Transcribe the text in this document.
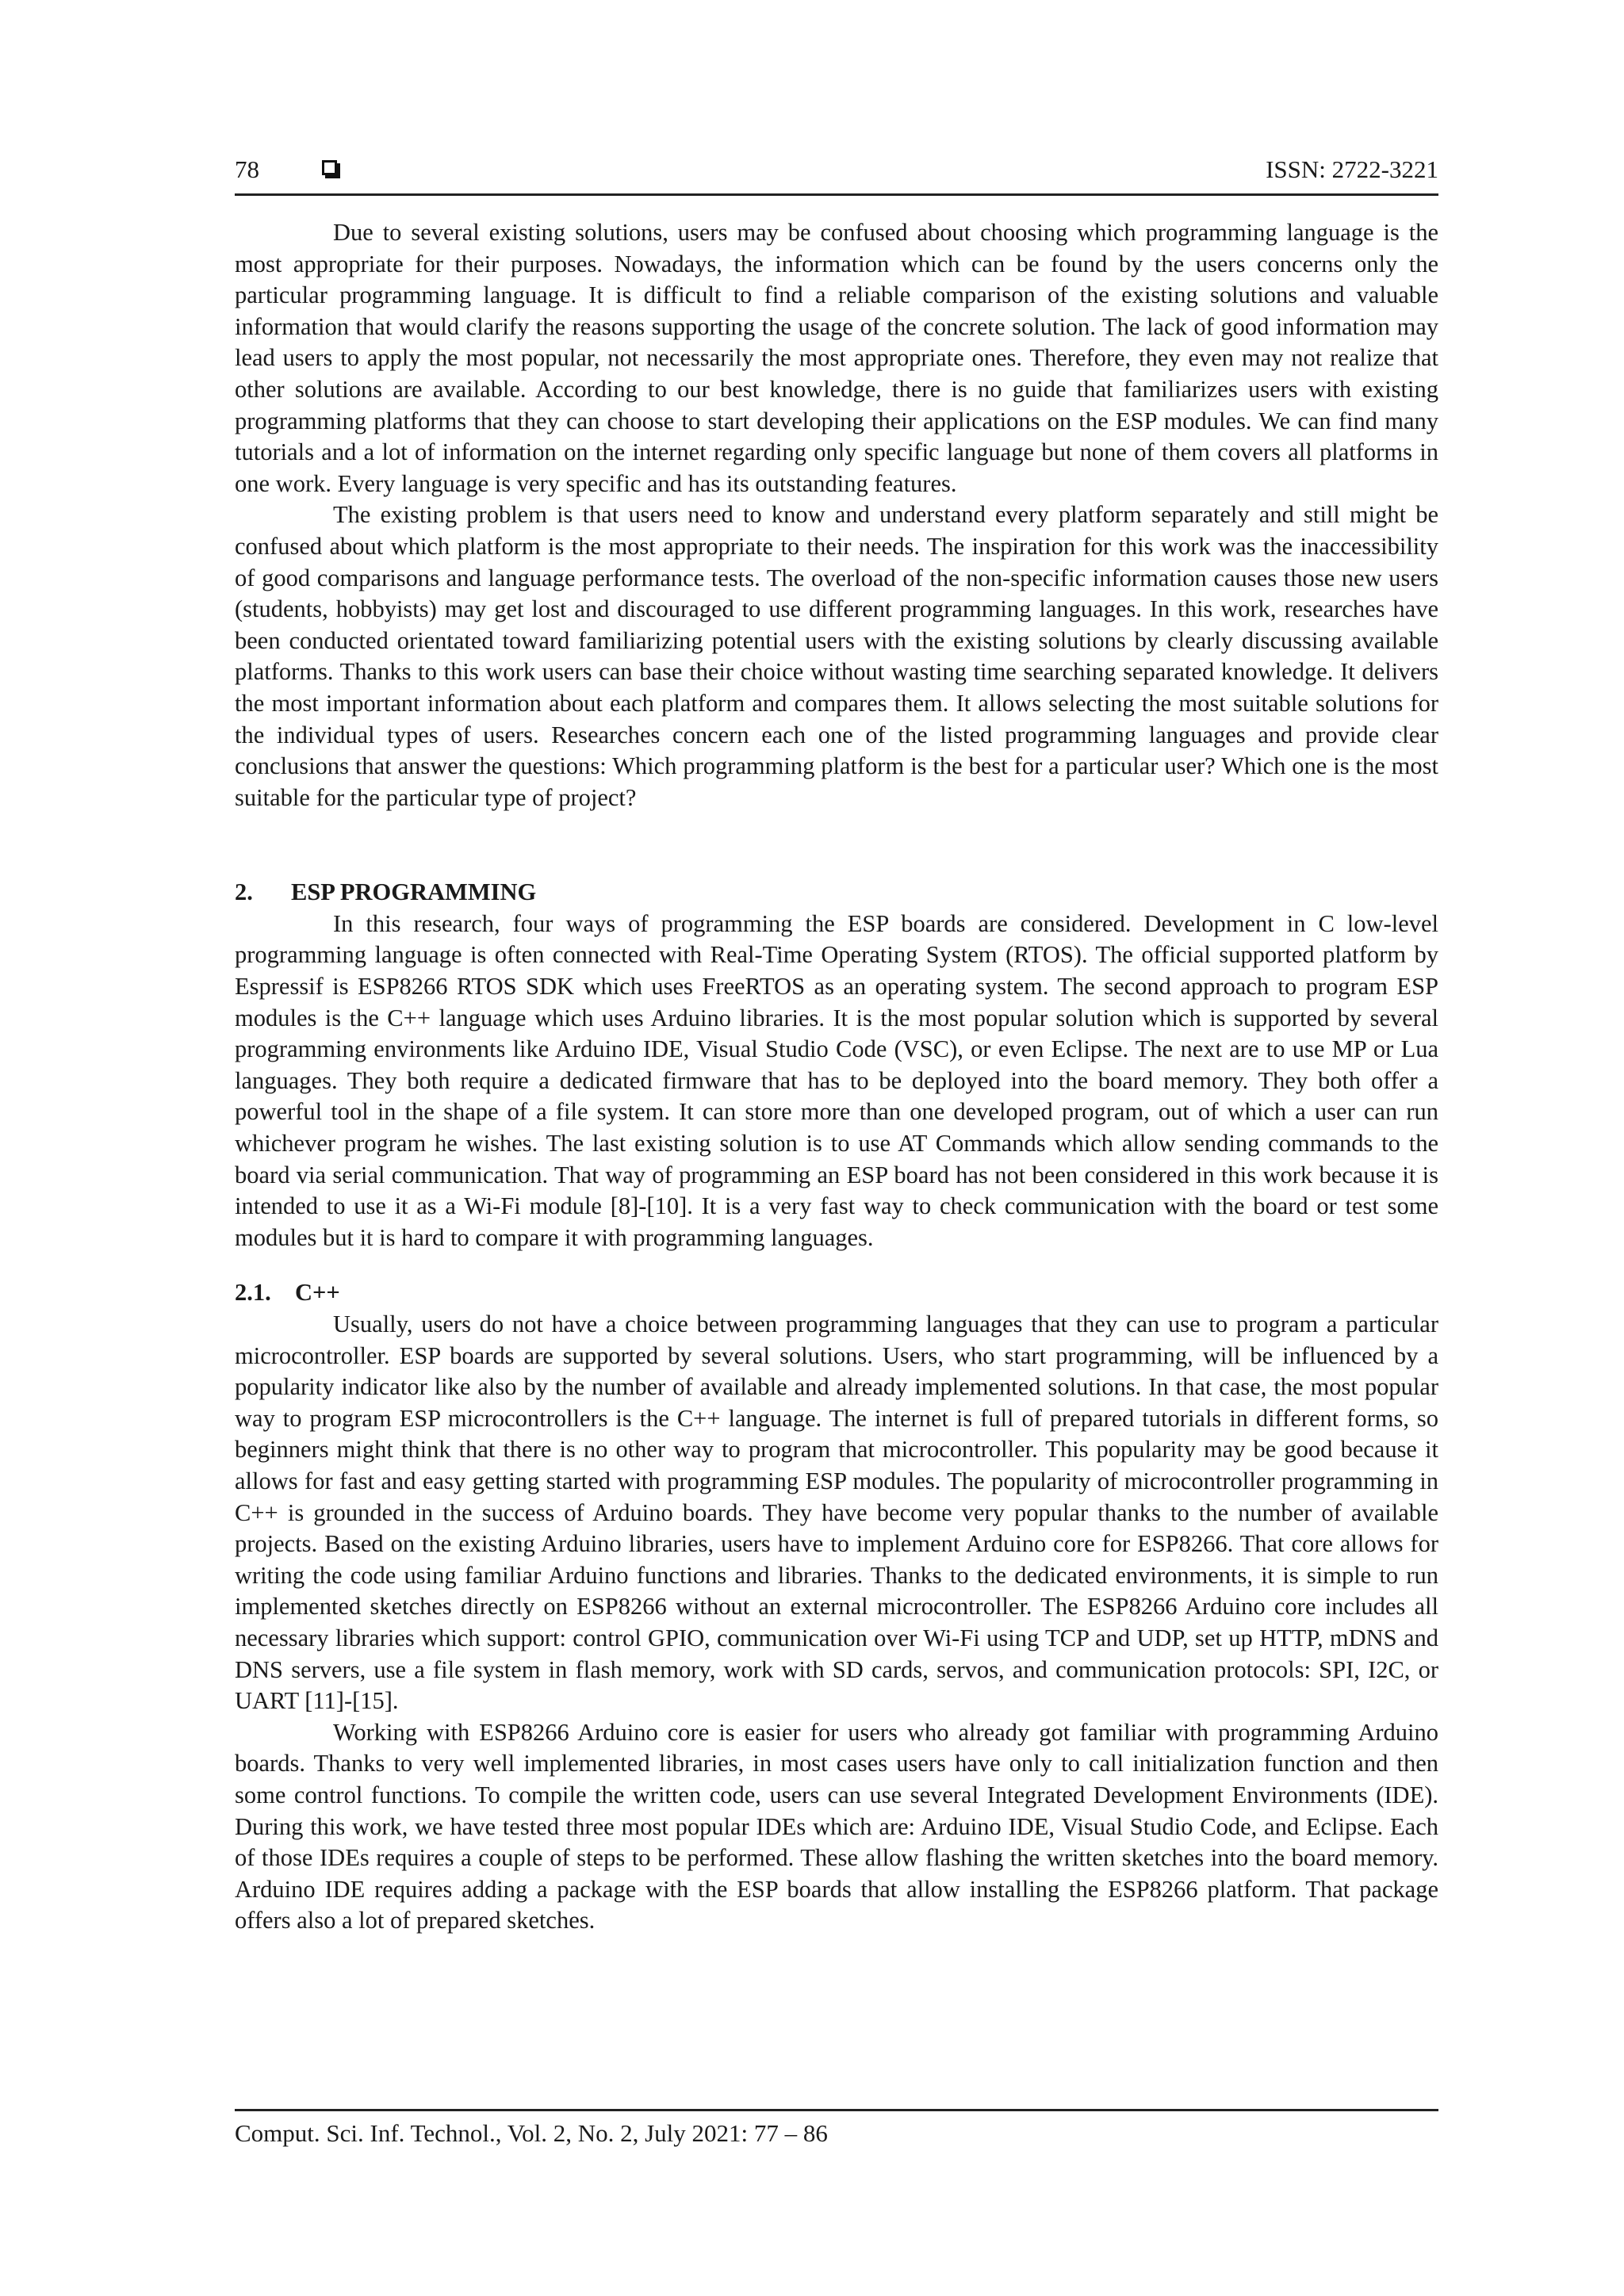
78	ISSN: 2722-3221

Due to several existing solutions, users may be confused about choosing which programming language is the most appropriate for their purposes. Nowadays, the information which can be found by the users concerns only the particular programming language. It is difficult to find a reliable comparison of the existing solutions and valuable information that would clarify the reasons supporting the usage of the concrete solution. The lack of good information may lead users to apply the most popular, not necessarily the most appropriate ones. Therefore, they even may not realize that other solutions are available. According to our best knowledge, there is no guide that familiarizes users with existing programming platforms that they can choose to start developing their applications on the ESP modules. We can find many tutorials and a lot of information on the internet regarding only specific language but none of them covers all platforms in one work. Every language is very specific and has its outstanding features.

The existing problem is that users need to know and understand every platform separately and still might be confused about which platform is the most appropriate to their needs. The inspiration for this work was the inaccessibility of good comparisons and language performance tests. The overload of the non-specific information causes those new users (students, hobbyists) may get lost and discouraged to use different programming languages. In this work, researches have been conducted orientated toward familiarizing potential users with the existing solutions by clearly discussing available platforms. Thanks to this work users can base their choice without wasting time searching separated knowledge. It delivers the most important information about each platform and compares them. It allows selecting the most suitable solutions for the individual types of users. Researches concern each one of the listed programming languages and provide clear conclusions that answer the questions: Which programming platform is the best for a particular user? Which one is the most suitable for the particular type of project?

2. ESP PROGRAMMING

In this research, four ways of programming the ESP boards are considered. Development in C low-level programming language is often connected with Real-Time Operating System (RTOS). The official supported platform by Espressif is ESP8266 RTOS SDK which uses FreeRTOS as an operating system. The second approach to program ESP modules is the C++ language which uses Arduino libraries. It is the most popular solution which is supported by several programming environments like Arduino IDE, Visual Studio Code (VSC), or even Eclipse. The next are to use MP or Lua languages. They both require a dedicated firmware that has to be deployed into the board memory. They both offer a powerful tool in the shape of a file system. It can store more than one developed program, out of which a user can run whichever program he wishes. The last existing solution is to use AT Commands which allow sending commands to the board via serial communication. That way of programming an ESP board has not been considered in this work because it is intended to use it as a Wi-Fi module [8]-[10]. It is a very fast way to check communication with the board or test some modules but it is hard to compare it with programming languages.

2.1. C++

Usually, users do not have a choice between programming languages that they can use to program a particular microcontroller. ESP boards are supported by several solutions. Users, who start programming, will be influenced by a popularity indicator like also by the number of available and already implemented solutions. In that case, the most popular way to program ESP microcontrollers is the C++ language. The internet is full of prepared tutorials in different forms, so beginners might think that there is no other way to program that microcontroller. This popularity may be good because it allows for fast and easy getting started with programming ESP modules. The popularity of microcontroller programming in C++ is grounded in the success of Arduino boards. They have become very popular thanks to the number of available projects. Based on the existing Arduino libraries, users have to implement Arduino core for ESP8266. That core allows for writing the code using familiar Arduino functions and libraries. Thanks to the dedicated environments, it is simple to run implemented sketches directly on ESP8266 without an external microcontroller. The ESP8266 Arduino core includes all necessary libraries which support: control GPIO, communication over Wi-Fi using TCP and UDP, set up HTTP, mDNS and DNS servers, use a file system in flash memory, work with SD cards, servos, and communication protocols: SPI, I2C, or UART [11]-[15].

Working with ESP8266 Arduino core is easier for users who already got familiar with programming Arduino boards. Thanks to very well implemented libraries, in most cases users have only to call initialization function and then some control functions. To compile the written code, users can use several Integrated Development Environments (IDE). During this work, we have tested three most popular IDEs which are: Arduino IDE, Visual Studio Code, and Eclipse. Each of those IDEs requires a couple of steps to be performed. These allow flashing the written sketches into the board memory. Arduino IDE requires adding a package with the ESP boards that allow installing the ESP8266 platform. That package offers also a lot of prepared sketches.

Comput. Sci. Inf. Technol., Vol. 2, No. 2, July 2021: 77 – 86
